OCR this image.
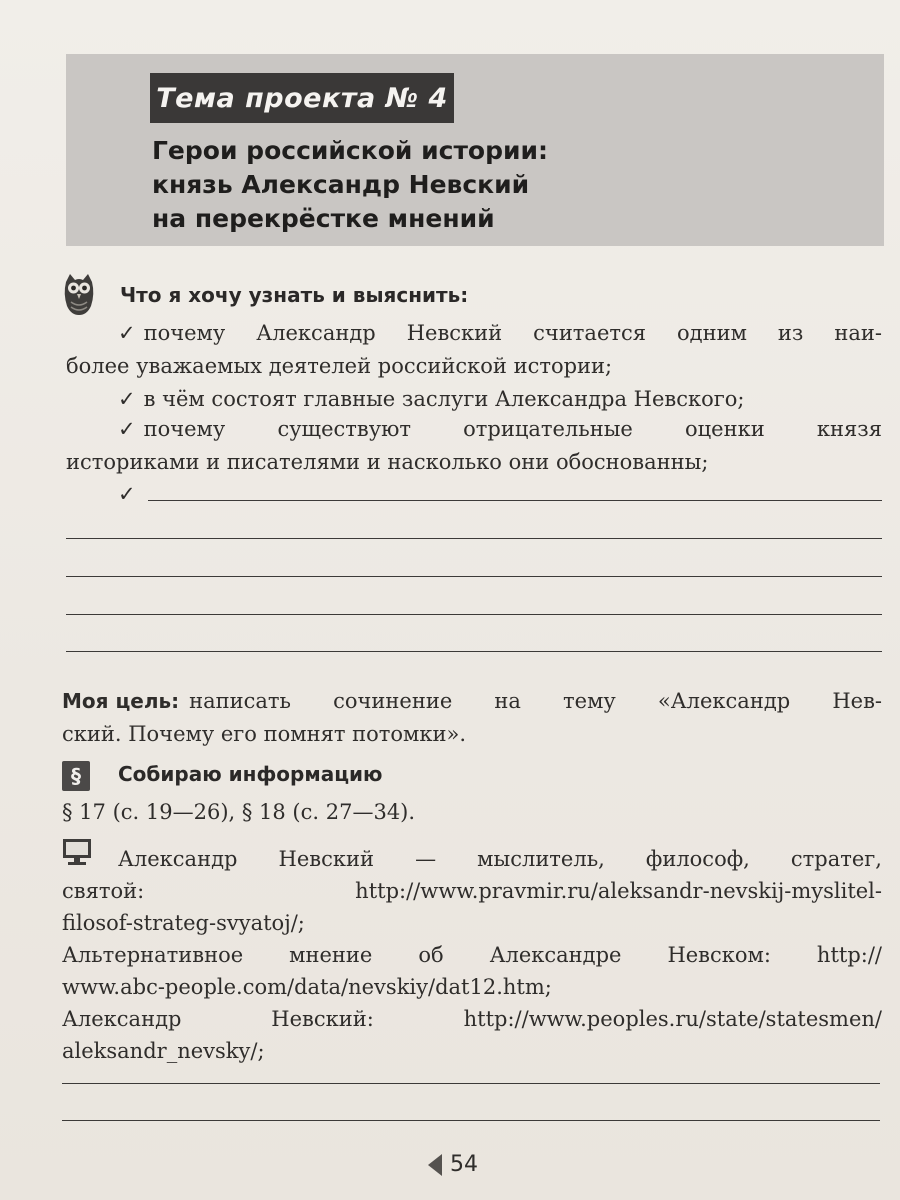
Тема проекта № 4
Герои российской истории:
князь Александр Невский
на перекрёстке мнений
Что я хочу узнать и выяснить:
✓ почему Александр Невский считается одним из наи-
более уважаемых деятелей российской истории;
✓ в чём состоят главные заслуги Александра Невского;
✓ почему существуют отрицательные оценки князя
историками и писателями и насколько они обоснованны;
✓
Моя цель: написать сочинение на тему «Александр Нев-
ский. Почему его помнят потомки».
§	Собираю информацию
§ 17 (с. 19—26), § 18 (с. 27—34).
Александр Невский — мыслитель, философ, стратег,
святой: http://www.pravmir.ru/aleksandr-nevskij-myslitel-
filosof-strateg-svyatoj/;
Альтернативное мнение об Александре Невском: http://
www.abc-people.com/data/nevskiy/dat12.htm;
Александр Невский: http://www.peoples.ru/state/statesmen/
aleksandr_nevsky/;
54
